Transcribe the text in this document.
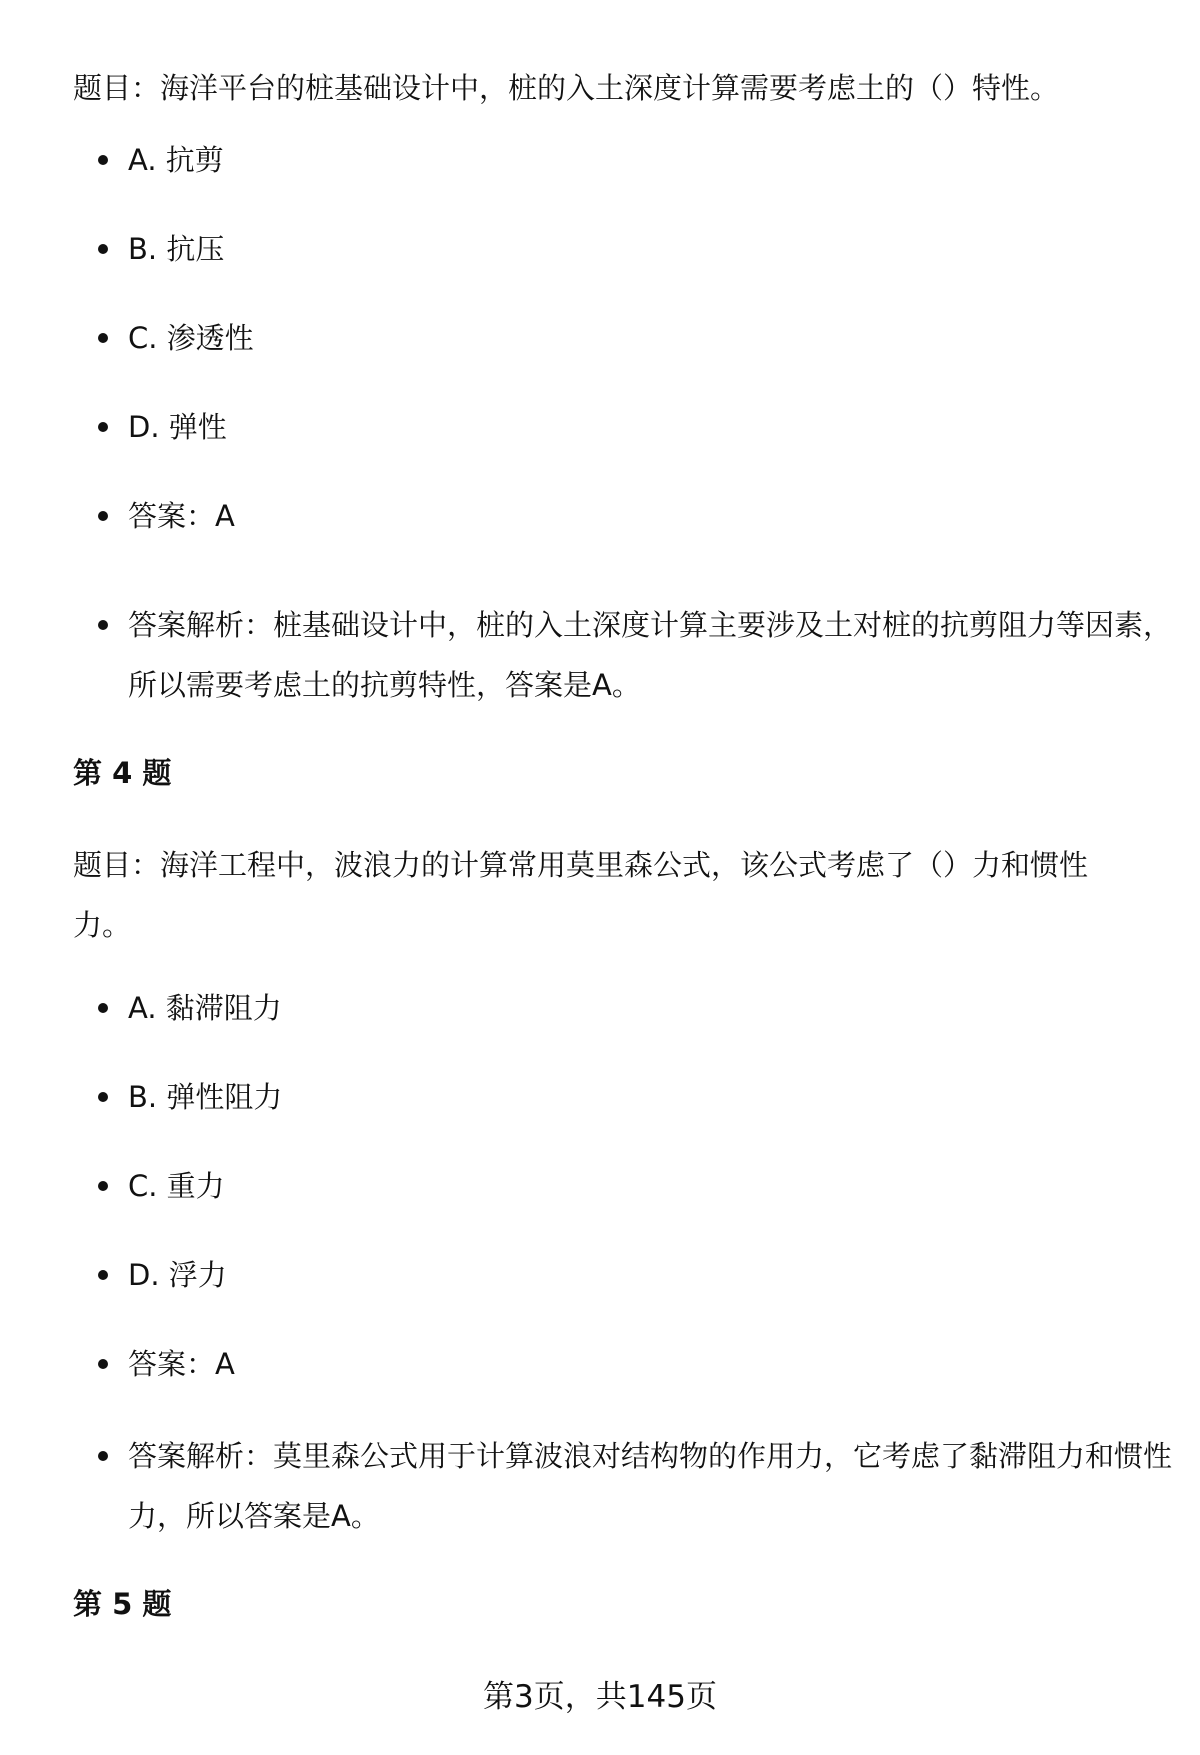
题目：海洋平台的桩基础设计中，桩的入土深度计算需要考虑土的（）特性。

A. 抗剪
B. 抗压
C. 渗透性
D. 弹性
答案：A
答案解析：桩基础设计中，桩的入土深度计算主要涉及土对桩的抗剪阻力等因素，所以需要考虑土的抗剪特性，答案是A。
第 4 题

题目：海洋工程中，波浪力的计算常用莫里森公式，该公式考虑了（）力和惯性力。

A. 黏滞阻力
B. 弹性阻力
C. 重力
D. 浮力
答案：A
答案解析：莫里森公式用于计算波浪对结构物的作用力，它考虑了黏滞阻力和惯性力，所以答案是A。
第 5 题
第3页，共145页
